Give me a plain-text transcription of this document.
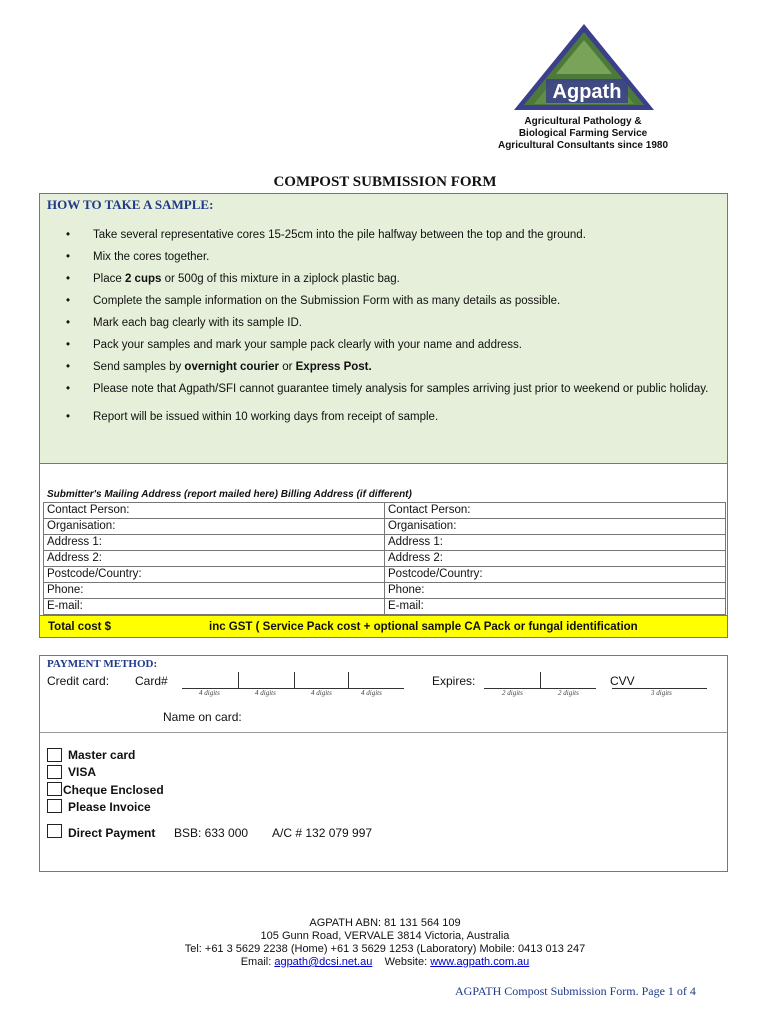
Agpath
Agricultural Pathology &
Biological Farming Service
Agricultural Consultants since 1980
COMPOST SUBMISSION FORM
HOW TO TAKE A SAMPLE:
• Take several representative cores 15-25cm into the pile halfway between the top and the ground.
• Mix the cores together.
• Place 2 cups or 500g of this mixture in a ziplock plastic bag.
• Complete the sample information on the Submission Form with as many details as possible.
• Mark each bag clearly with its sample ID.
• Pack your samples and mark your sample pack clearly with your name and address.
• Send samples by overnight courier or Express Post.
• Please note that Agpath/SFI cannot guarantee timely analysis for samples arriving just prior to weekend or public holiday.
• Report will be issued within 10 working days from receipt of sample.
Submitter's Mailing Address (report mailed here) Billing Address (if different)
Contact Person:	Contact Person:
Organisation:	Organisation:
Address 1:	Address 1:
Address 2:	Address 2:
Postcode/Country:	Postcode/Country:
Phone:	Phone:
E-mail:	E-mail:
Total cost $	inc GST ( Service Pack cost + optional sample CA Pack or fungal identification
PAYMENT METHOD:
Credit card: Card#
4 digits	4 digits	4 digits	4 digits
Expires:
2 digits	2 digits
CVV
3 digits
Name on card:
Master card
VISA
Cheque Enclosed
Please Invoice
Direct Payment BSB: 633 000 A/C # 132 079 997
AGPATH ABN: 81 131 564 109
105 Gunn Road, VERVALE 3814 Victoria, Australia
Tel: +61 3 5629 2238 (Home) +61 3 5629 1253 (Laboratory) Mobile: 0413 013 247
Email: agpath@dcsi.net.au    Website: www.agpath.com.au
AGPATH Compost Submission Form. Page 1 of 4
